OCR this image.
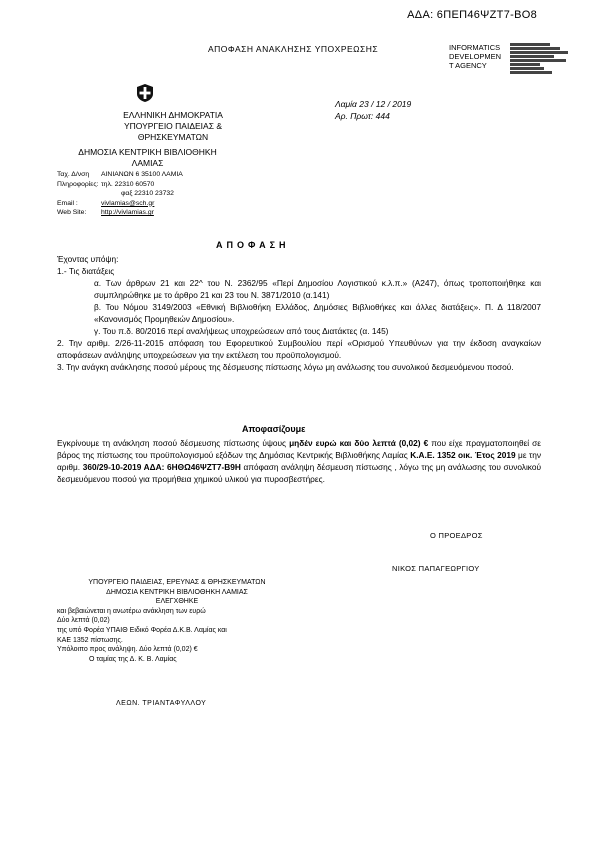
ΑΔΑ: 6ΠΕΠ46ΨΖΤ7-ΒΟ8
ΑΠΟΦΑΣΗ ΑΝΑΚΛΗΣΗΣ ΥΠΟΧΡΕΩΣΗΣ	INFORMATICS
DEVELOPMEN
T AGENCY
ΕΛΛΗΝΙΚΗ ΔΗΜΟΚΡΑΤΙΑ
ΥΠΟΥΡΓΕΙΟ ΠΑΙΔΕΙΑΣ & ΘΡΗΣΚΕΥΜΑΤΩΝ
Λαμία 23 / 12 / 2019
Αρ. Πρωτ: 444
ΔΗΜΟΣΙΑ ΚΕΝΤΡΙΚΗ ΒΙΒΛΙΟΘΗΚΗ
ΛΑΜΙΑΣ
Ταχ. Δ/νση ΑΙΝΙΑΝΩΝ 6 35100 ΛΑΜΙΑ
Πληροφορίες: τηλ. 22310 60570
φαξ 22310 23732
Email :	vivlamias@sch.gr
Web Site: http://vivlamias.gr
ΑΠΟΦΑΣΗ

Έχοντας υπόψη:

1.- Τις διατάξεις

α. Των άρθρων 21 και 22^ του Ν. 2362/95 «Περί Δημοσίου Λογιστικού κ.λ.π.» (Α247), όπως τροποποιήθηκε και συμπληρώθηκε με το άρθρο 21 και 23 του Ν. 3871/2010 (α.141)

β. Του Νόμου 3149/2003 «Εθνική Βιβλιοθήκη Ελλάδος, Δημόσιες Βιβλιοθήκες και άλλες διατάξεις». Π. Δ 118/2007 «Κανονισμός Προμηθειών Δημοσίου».

γ. Του π.δ. 80/2016 περί αναλήψεως υποχρεώσεων από τους Διατάκτες (α. 145)

2. Την αριθμ. 2/26-11-2015 απόφαση του Εφορευτικού Συμβουλίου περί «Ορισμού Υπευθύνων για την έκδοση αναγκαίων αποφάσεων ανάληψης υποχρεώσεων για την εκτέλεση του προϋπολογισμού.

3. Την ανάγκη ανάκλησης ποσού μέρους της δέσμευσης πίστωσης λόγω μη ανάλωσης του συνολικού δεσμευόμενου ποσού.

Αποφασίζουμε

Εγκρίνουμε τη ανάκληση ποσού δέσμευσης πίστωσης ύψους μηδέν ευρώ και δύο λεπτά (0,02) € που είχε πραγματοποιηθεί σε βάρος της πίστωσης του προϋπολογισμού εξόδων της Δημόσιας Κεντρικής Βιβλιοθήκης Λαμίας Κ.Α.Ε. 1352 οικ. Έτος 2019 με την αριθμ. 360/29-10-2019 ΑΔΑ: 6ΗΘΩ46ΨΖΤ7-Β9Η απόφαση ανάληψη δέσμευση πίστωσης , λόγω της μη ανάλωσης του συνολικού δεσμευόμενου ποσού για προμήθεια χημικού υλικού για πυροσβεστήρες.

Ο ΠΡΟΕΔΡΟΣ
ΝΙΚΟΣ ΠΑΠΑΓΕΩΡΓΙΟΥ
ΥΠΟΥΡΓΕΙΟ ΠΑΙΔΕΙΑΣ, ΕΡΕΥΝΑΣ & ΘΡΗΣΚΕΥΜΑΤΩΝ
ΔΗΜΟΣΙΑ ΚΕΝΤΡΙΚΗ ΒΙΒΛΙΟΘΗΚΗ ΛΑΜΙΑΣ
ΕΛΕΓΧΘΗΚΕ
και βεβαιώνεται η ανωτέρω ανάκληση των ευρώ
Δύο λεπτά (0,02)
της υπό Φορέα ΥΠΑΙΘ Ειδικό Φορέα Δ.Κ.Β. Λαμίας και
ΚΑΕ 1352 πίστωσης.
Υπόλοιπο προς ανάληψη. Δύο λεπτά (0,02) €
Ο ταμίας της Δ. Κ. Β. Λαμίας
ΛΕΩΝ. ΤΡΙΑΝΤΑΦΥΛΛΟΥ
